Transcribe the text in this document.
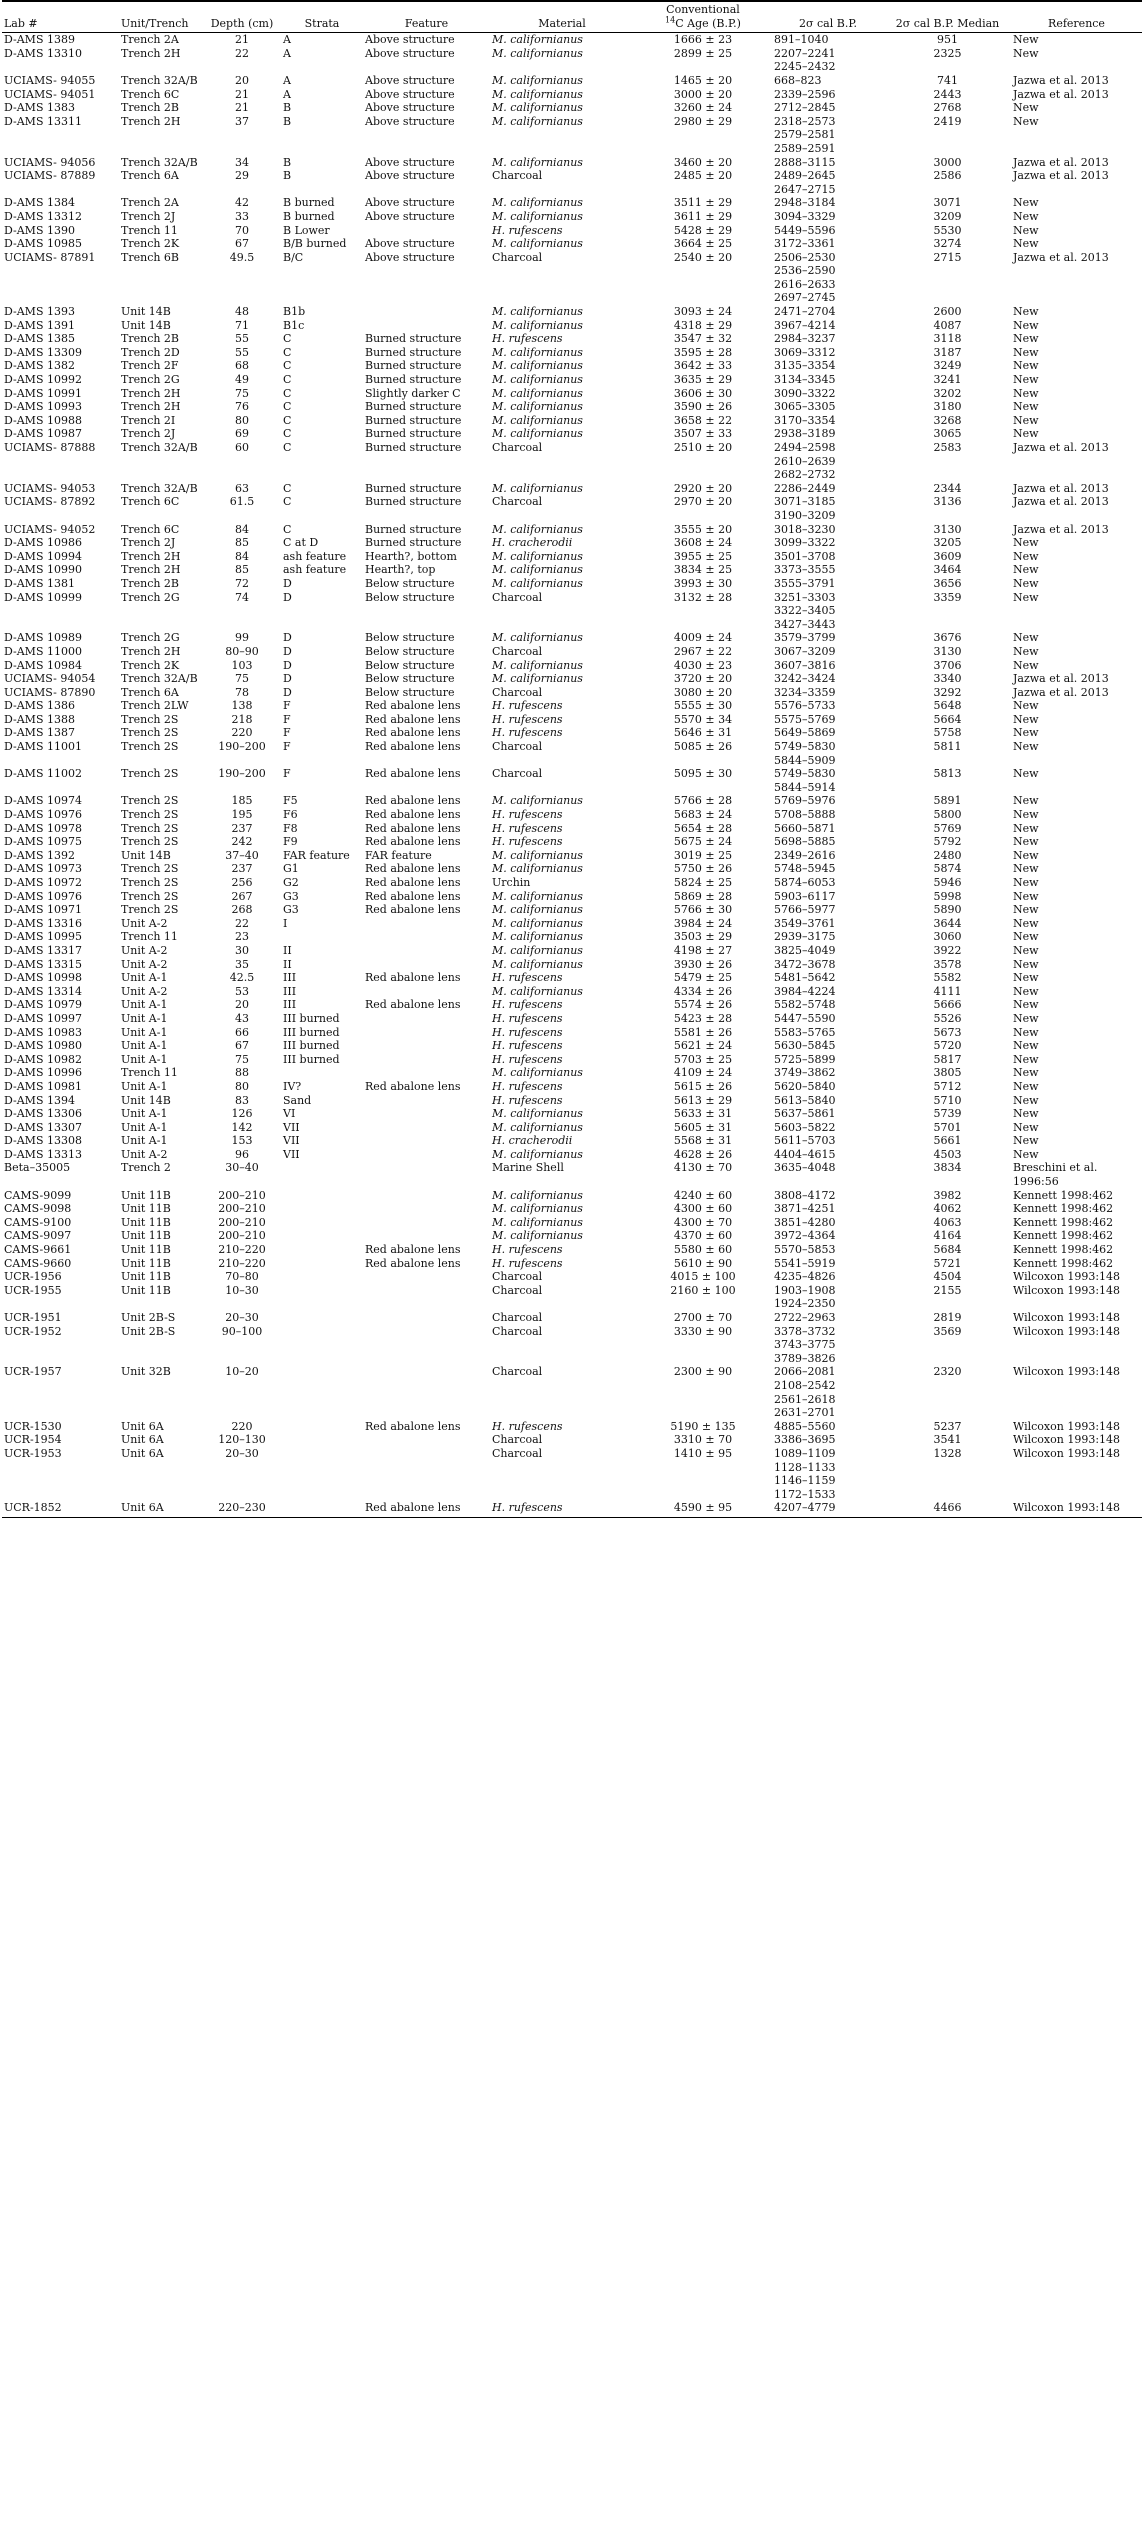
Lab #	Unit/Trench	Depth (cm)	Strata	Feature	Material	Conventional
$^{14}$C Age (B.P.)	2σ cal B.P.	2σ cal B.P. Median	Reference
D-AMS 1389	Trench 2A	21	A	Above structure	M. californianus	1666 ± 23	891–1040	951	New
D-AMS 13310	Trench 2H	22	A	Above structure	M. californianus	2899 ± 25	2207–2241
2245–2432	2325	New
UCIAMS- 94055	Trench 32A/B	20	A	Above structure	M. californianus	1465 ± 20	668–823	741	Jazwa et al. 2013
UCIAMS- 94051	Trench 6C	21	A	Above structure	M. californianus	3000 ± 20	2339–2596	2443	Jazwa et al. 2013
D-AMS 1383	Trench 2B	21	B	Above structure	M. californianus	3260 ± 24	2712–2845	2768	New
D-AMS 13311	Trench 2H	37	B	Above structure	M. californianus	2980 ± 29	2318–2573
2579–2581
2589–2591	2419	New
UCIAMS- 94056	Trench 32A/B	34	B	Above structure	M. californianus	3460 ± 20	2888–3115	3000	Jazwa et al. 2013
UCIAMS- 87889	Trench 6A	29	B	Above structure	Charcoal	2485 ± 20	2489–2645
2647–2715	2586	Jazwa et al. 2013
D-AMS 1384	Trench 2A	42	B burned	Above structure	M. californianus	3511 ± 29	2948–3184	3071	New
D-AMS 13312	Trench 2J	33	B burned	Above structure	M. californianus	3611 ± 29	3094–3329	3209	New
D-AMS 1390	Trench 11	70	B Lower		H. rufescens	5428 ± 29	5449–5596	5530	New
D-AMS 10985	Trench 2K	67	B/B burned	Above structure	M. californianus	3664 ± 25	3172–3361	3274	New
UCIAMS- 87891	Trench 6B	49.5	B/C	Above structure	Charcoal	2540 ± 20	2506–2530
2536–2590
2616–2633
2697–2745	2715	Jazwa et al. 2013
D-AMS 1393	Unit 14B	48	B1b		M. californianus	3093 ± 24	2471–2704	2600	New
D-AMS 1391	Unit 14B	71	B1c		M. californianus	4318 ± 29	3967–4214	4087	New
D-AMS 1385	Trench 2B	55	C	Burned structure	H. rufescens	3547 ± 32	2984–3237	3118	New
D-AMS 13309	Trench 2D	55	C	Burned structure	M. californianus	3595 ± 28	3069–3312	3187	New
D-AMS 1382	Trench 2F	68	C	Burned structure	M. californianus	3642 ± 33	3135–3354	3249	New
D-AMS 10992	Trench 2G	49	C	Burned structure	M. californianus	3635 ± 29	3134–3345	3241	New
D-AMS 10991	Trench 2H	75	C	Slightly darker C	M. californianus	3606 ± 30	3090–3322	3202	New
D-AMS 10993	Trench 2H	76	C	Burned structure	M. californianus	3590 ± 26	3065–3305	3180	New
D-AMS 10988	Trench 2I	80	C	Burned structure	M. californianus	3658 ± 22	3170–3354	3268	New
D-AMS 10987	Trench 2J	69	C	Burned structure	M. californianus	3507 ± 33	2938–3189	3065	New
UCIAMS- 87888	Trench 32A/B	60	C	Burned structure	Charcoal	2510 ± 20	2494–2598
2610–2639
2682–2732	2583	Jazwa et al. 2013
UCIAMS- 94053	Trench 32A/B	63	C	Burned structure	M. californianus	2920 ± 20	2286–2449	2344	Jazwa et al. 2013
UCIAMS- 87892	Trench 6C	61.5	C	Burned structure	Charcoal	2970 ± 20	3071–3185
3190–3209	3136	Jazwa et al. 2013
UCIAMS- 94052	Trench 6C	84	C	Burned structure	M. californianus	3555 ± 20	3018–3230	3130	Jazwa et al. 2013
D-AMS 10986	Trench 2J	85	C at D	Burned structure	H. cracherodii	3608 ± 24	3099–3322	3205	New
D-AMS 10994	Trench 2H	84	ash feature	Hearth?, bottom	M. californianus	3955 ± 25	3501–3708	3609	New
D-AMS 10990	Trench 2H	85	ash feature	Hearth?, top	M. californianus	3834 ± 25	3373–3555	3464	New
D-AMS 1381	Trench 2B	72	D	Below structure	M. californianus	3993 ± 30	3555–3791	3656	New
D-AMS 10999	Trench 2G	74	D	Below structure	Charcoal	3132 ± 28	3251–3303
3322–3405
3427–3443	3359	New
D-AMS 10989	Trench 2G	99	D	Below structure	M. californianus	4009 ± 24	3579–3799	3676	New
D-AMS 11000	Trench 2H	80–90	D	Below structure	Charcoal	2967 ± 22	3067–3209	3130	New
D-AMS 10984	Trench 2K	103	D	Below structure	M. californianus	4030 ± 23	3607–3816	3706	New
UCIAMS- 94054	Trench 32A/B	75	D	Below structure	M. californianus	3720 ± 20	3242–3424	3340	Jazwa et al. 2013
UCIAMS- 87890	Trench 6A	78	D	Below structure	Charcoal	3080 ± 20	3234–3359	3292	Jazwa et al. 2013
D-AMS 1386	Trench 2LW	138	F	Red abalone lens	H. rufescens	5555 ± 30	5576–5733	5648	New
D-AMS 1388	Trench 2S	218	F	Red abalone lens	H. rufescens	5570 ± 34	5575–5769	5664	New
D-AMS 1387	Trench 2S	220	F	Red abalone lens	H. rufescens	5646 ± 31	5649–5869	5758	New
D-AMS 11001	Trench 2S	190–200	F	Red abalone lens	Charcoal	5085 ± 26	5749–5830
5844–5909	5811	New
D-AMS 11002	Trench 2S	190–200	F	Red abalone lens	Charcoal	5095 ± 30	5749–5830
5844–5914	5813	New
D-AMS 10974	Trench 2S	185	F5	Red abalone lens	M. californianus	5766 ± 28	5769–5976	5891	New
D-AMS 10976	Trench 2S	195	F6	Red abalone lens	H. rufescens	5683 ± 24	5708–5888	5800	New
D-AMS 10978	Trench 2S	237	F8	Red abalone lens	H. rufescens	5654 ± 28	5660–5871	5769	New
D-AMS 10975	Trench 2S	242	F9	Red abalone lens	H. rufescens	5675 ± 24	5698–5885	5792	New
D-AMS 1392	Unit 14B	37–40	FAR feature	FAR feature	M. californianus	3019 ± 25	2349–2616	2480	New
D-AMS 10973	Trench 2S	237	G1	Red abalone lens	M. californianus	5750 ± 26	5748–5945	5874	New
D-AMS 10972	Trench 2S	256	G2	Red abalone lens	Urchin	5824 ± 25	5874–6053	5946	New
D-AMS 10976	Trench 2S	267	G3	Red abalone lens	M. californianus	5869 ± 28	5903–6117	5998	New
D-AMS 10971	Trench 2S	268	G3	Red abalone lens	M. californianus	5766 ± 30	5766–5977	5890	New
D-AMS 13316	Unit A-2	22	I		M. californianus	3984 ± 24	3549–3761	3644	New
D-AMS 10995	Trench 11	23			M. californianus	3503 ± 29	2939–3175	3060	New
D-AMS 13317	Unit A-2	30	II		M. californianus	4198 ± 27	3825–4049	3922	New
D-AMS 13315	Unit A-2	35	II		M. californianus	3930 ± 26	3472–3678	3578	New
D-AMS 10998	Unit A-1	42.5	III	Red abalone lens	H. rufescens	5479 ± 25	5481–5642	5582	New
D-AMS 13314	Unit A-2	53	III		M. californianus	4334 ± 26	3984–4224	4111	New
D-AMS 10979	Unit A-1	20	III	Red abalone lens	H. rufescens	5574 ± 26	5582–5748	5666	New
D-AMS 10997	Unit A-1	43	III burned		H. rufescens	5423 ± 28	5447–5590	5526	New
D-AMS 10983	Unit A-1	66	III burned		H. rufescens	5581 ± 26	5583–5765	5673	New
D-AMS 10980	Unit A-1	67	III burned		H. rufescens	5621 ± 24	5630–5845	5720	New
D-AMS 10982	Unit A-1	75	III burned		H. rufescens	5703 ± 25	5725–5899	5817	New
D-AMS 10996	Trench 11	88			M. californianus	4109 ± 24	3749–3862	3805	New
D-AMS 10981	Unit A-1	80	IV?	Red abalone lens	H. rufescens	5615 ± 26	5620–5840	5712	New
D-AMS 1394	Unit 14B	83	Sand		H. rufescens	5613 ± 29	5613–5840	5710	New
D-AMS 13306	Unit A-1	126	VI		M. californianus	5633 ± 31	5637–5861	5739	New
D-AMS 13307	Unit A-1	142	VII		M. californianus	5605 ± 31	5603–5822	5701	New
D-AMS 13308	Unit A-1	153	VII		H. cracherodii	5568 ± 31	5611–5703	5661	New
D-AMS 13313	Unit A-2	96	VII		M. californianus	4628 ± 26	4404–4615	4503	New
Beta–35005	Trench 2	30–40			Marine Shell	4130 ± 70	3635–4048	3834	Breschini et al. 1996:56
CAMS-9099	Unit 11B	200–210			M. californianus	4240 ± 60	3808–4172	3982	Kennett 1998:462
CAMS-9098	Unit 11B	200–210			M. californianus	4300 ± 60	3871–4251	4062	Kennett 1998:462
CAMS-9100	Unit 11B	200–210			M. californianus	4300 ± 70	3851–4280	4063	Kennett 1998:462
CAMS-9097	Unit 11B	200–210			M. californianus	4370 ± 60	3972–4364	4164	Kennett 1998:462
CAMS-9661	Unit 11B	210–220		Red abalone lens	H. rufescens	5580 ± 60	5570–5853	5684	Kennett 1998:462
CAMS-9660	Unit 11B	210–220		Red abalone lens	H. rufescens	5610 ± 90	5541–5919	5721	Kennett 1998:462
UCR-1956	Unit 11B	70–80			Charcoal	4015 ± 100	4235–4826	4504	Wilcoxon 1993:148
UCR-1955	Unit 11B	10–30			Charcoal	2160 ± 100	1903–1908
1924–2350	2155	Wilcoxon 1993:148
UCR-1951	Unit 2B-S	20–30			Charcoal	2700 ± 70	2722–2963	2819	Wilcoxon 1993:148
UCR-1952	Unit 2B-S	90–100			Charcoal	3330 ± 90	3378–3732
3743–3775
3789–3826	3569	Wilcoxon 1993:148
UCR-1957	Unit 32B	10–20			Charcoal	2300 ± 90	2066–2081
2108–2542
2561–2618
2631–2701	2320	Wilcoxon 1993:148
UCR-1530	Unit 6A	220		Red abalone lens	H. rufescens	5190 ± 135	4885–5560	5237	Wilcoxon 1993:148
UCR-1954	Unit 6A	120–130			Charcoal	3310 ± 70	3386–3695	3541	Wilcoxon 1993:148
UCR-1953	Unit 6A	20–30			Charcoal	1410 ± 95	1089–1109
1128–1133
1146–1159
1172–1533	1328	Wilcoxon 1993:148
UCR-1852	Unit 6A	220–230		Red abalone lens	H. rufescens	4590 ± 95	4207–4779	4466	Wilcoxon 1993:148
